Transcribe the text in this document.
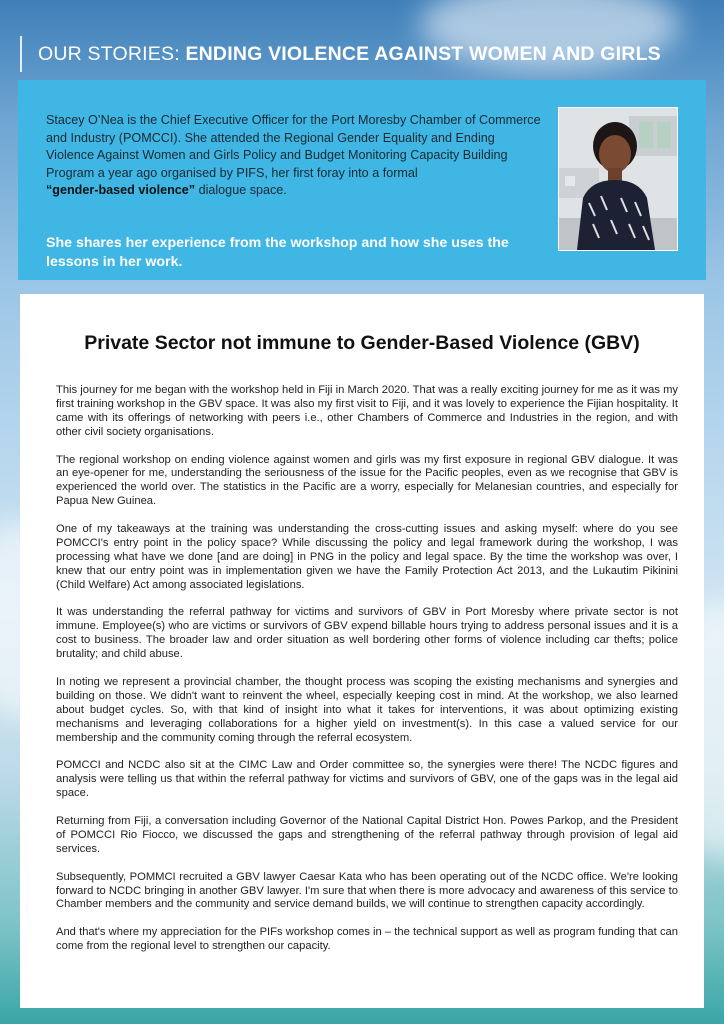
OUR STORIES: ENDING VIOLENCE AGAINST WOMEN AND GIRLS
Stacey O’Nea is the Chief Executive Officer for the Port Moresby Chamber of Commerce and Industry (POMCCI). She attended the Regional Gender Equality and Ending Violence Against Women and Girls Policy and Budget Monitoring Capacity Building Program a year ago organised by PIFS, her first foray into a formal
“gender-based violence” dialogue space.
She shares her experience from the workshop and how she uses the lessons in her work.
Private Sector not immune to Gender-Based Violence (GBV)

This journey for me began with the workshop held in Fiji in March 2020. That was a really exciting journey for me as it was my first training workshop in the GBV space. It was also my first visit to Fiji, and it was lovely to experience the Fijian hospitality. It came with its offerings of networking with peers i.e., other Chambers of Commerce and Industries in the region, and with other civil society organisations.

The regional workshop on ending violence against women and girls was my first exposure in regional GBV dialogue. It was an eye-opener for me, understanding the seriousness of the issue for the Pacific peoples, even as we recognise that GBV is experienced the world over. The statistics in the Pacific are a worry, especially for Melanesian countries, and especially for Papua New Guinea.

One of my takeaways at the training was understanding the cross-cutting issues and asking myself: where do you see POMCCI's entry point in the policy space? While discussing the policy and legal framework during the workshop, I was processing what have we done [and are doing] in PNG in the policy and legal space. By the time the workshop was over, I knew that our entry point was in implementation given we have the Family Protection Act 2013, and the Lukautim Pikinini (Child Welfare) Act among associated legislations.

It was understanding the referral pathway for victims and survivors of GBV in Port Moresby where private sector is not immune. Employee(s) who are victims or survivors of GBV expend billable hours trying to address personal issues and it is a cost to business. The broader law and order situation as well bordering other forms of violence including car thefts; police brutality; and child abuse.

In noting we represent a provincial chamber, the thought process was scoping the existing mechanisms and synergies and building on those. We didn't want to reinvent the wheel, especially keeping cost in mind. At the workshop, we also learned about budget cycles. So, with that kind of insight into what it takes for interventions, it was about optimizing existing mechanisms and leveraging collaborations for a higher yield on investment(s). In this case a valued service for our membership and the community coming through the referral ecosystem.

POMCCI and NCDC also sit at the CIMC Law and Order committee so, the synergies were there! The NCDC figures and analysis were telling us that within the referral pathway for victims and survivors of GBV, one of the gaps was in the legal aid space.

Returning from Fiji, a conversation including Governor of the National Capital District Hon. Powes Parkop, and the President of POMCCI Rio Fiocco, we discussed the gaps and strengthening of the referral pathway through provision of legal aid services.

Subsequently, POMMCI recruited a GBV lawyer Caesar Kata who has been operating out of the NCDC office. We're looking forward to NCDC bringing in another GBV lawyer. I'm sure that when there is more advocacy and awareness of this service to Chamber members and the community and service demand builds, we will continue to strengthen capacity accordingly.

And that's where my appreciation for the PIFs workshop comes in – the technical support as well as program funding that can come from the regional level to strengthen our capacity.
